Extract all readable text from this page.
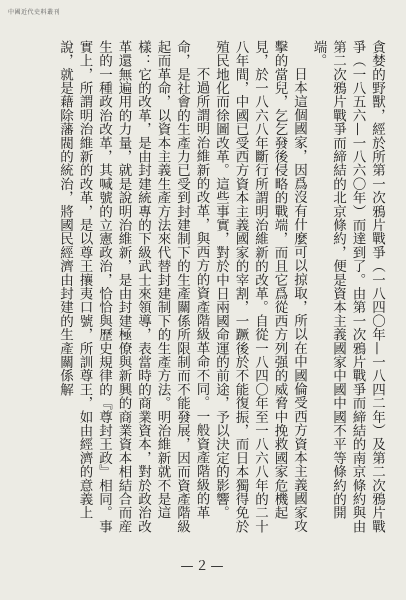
中國近代史料叢刊

貪婪的野獸，經於所第一次鴉片戰爭（一八四〇年—一八四二年）及第二次鴉片戰爭（一八五六—一八六〇年）而達到了。由第一次鴉片戰爭而締結的南京條約與由第二次鴉片戰爭而締結的北京條約，便是資本主義國家中國中國不平等條約的開端。

日本這個國家，因爲沒有什麼可以掠取，所以在中國倫受西方資本主義國家攻擊的當兒，乞乞發後侵略的戰端，而且它爲從西方列强的威脅中挽救國家危機起見，於一八六八年斷行所謂明治維新的改革。自從一八四〇年至一八六八年的二十八年間，中國已受西方資本主義國家的宰割，一蹶後於不能復振，而日本獨得免於殖民地化而徐圖改革。這些事實，對於中日兩國命運的前途，予以決定的影響。

不過所謂明治維新的改革，與西方的資產階級革命不同。一般資產階級的革命，是社會的生產力已受到封建制下的生產關係所限制而不能發展，因而資產階級起而革命，以資本主義生產方法來代替封建制下的生產方法。明治維新就不是這樣：它的改革，是由封建統專的下級武士來領導，表當時的商業資本，對於政治改革還無遍用的力量，就是說明治維新，是由封建極僚與新興的商業資本相結合而産生的一種政治改革，其喊號的立憲政治，恰恰與歷史規律的『尊封王政』相同。事實上，所謂明治維新的改革，是以尊王攘夷口號，所訓尊王，如由經濟的意義上說，就是藉除藩閥的統治，將國民經濟由封建的生產關係解

—２—
